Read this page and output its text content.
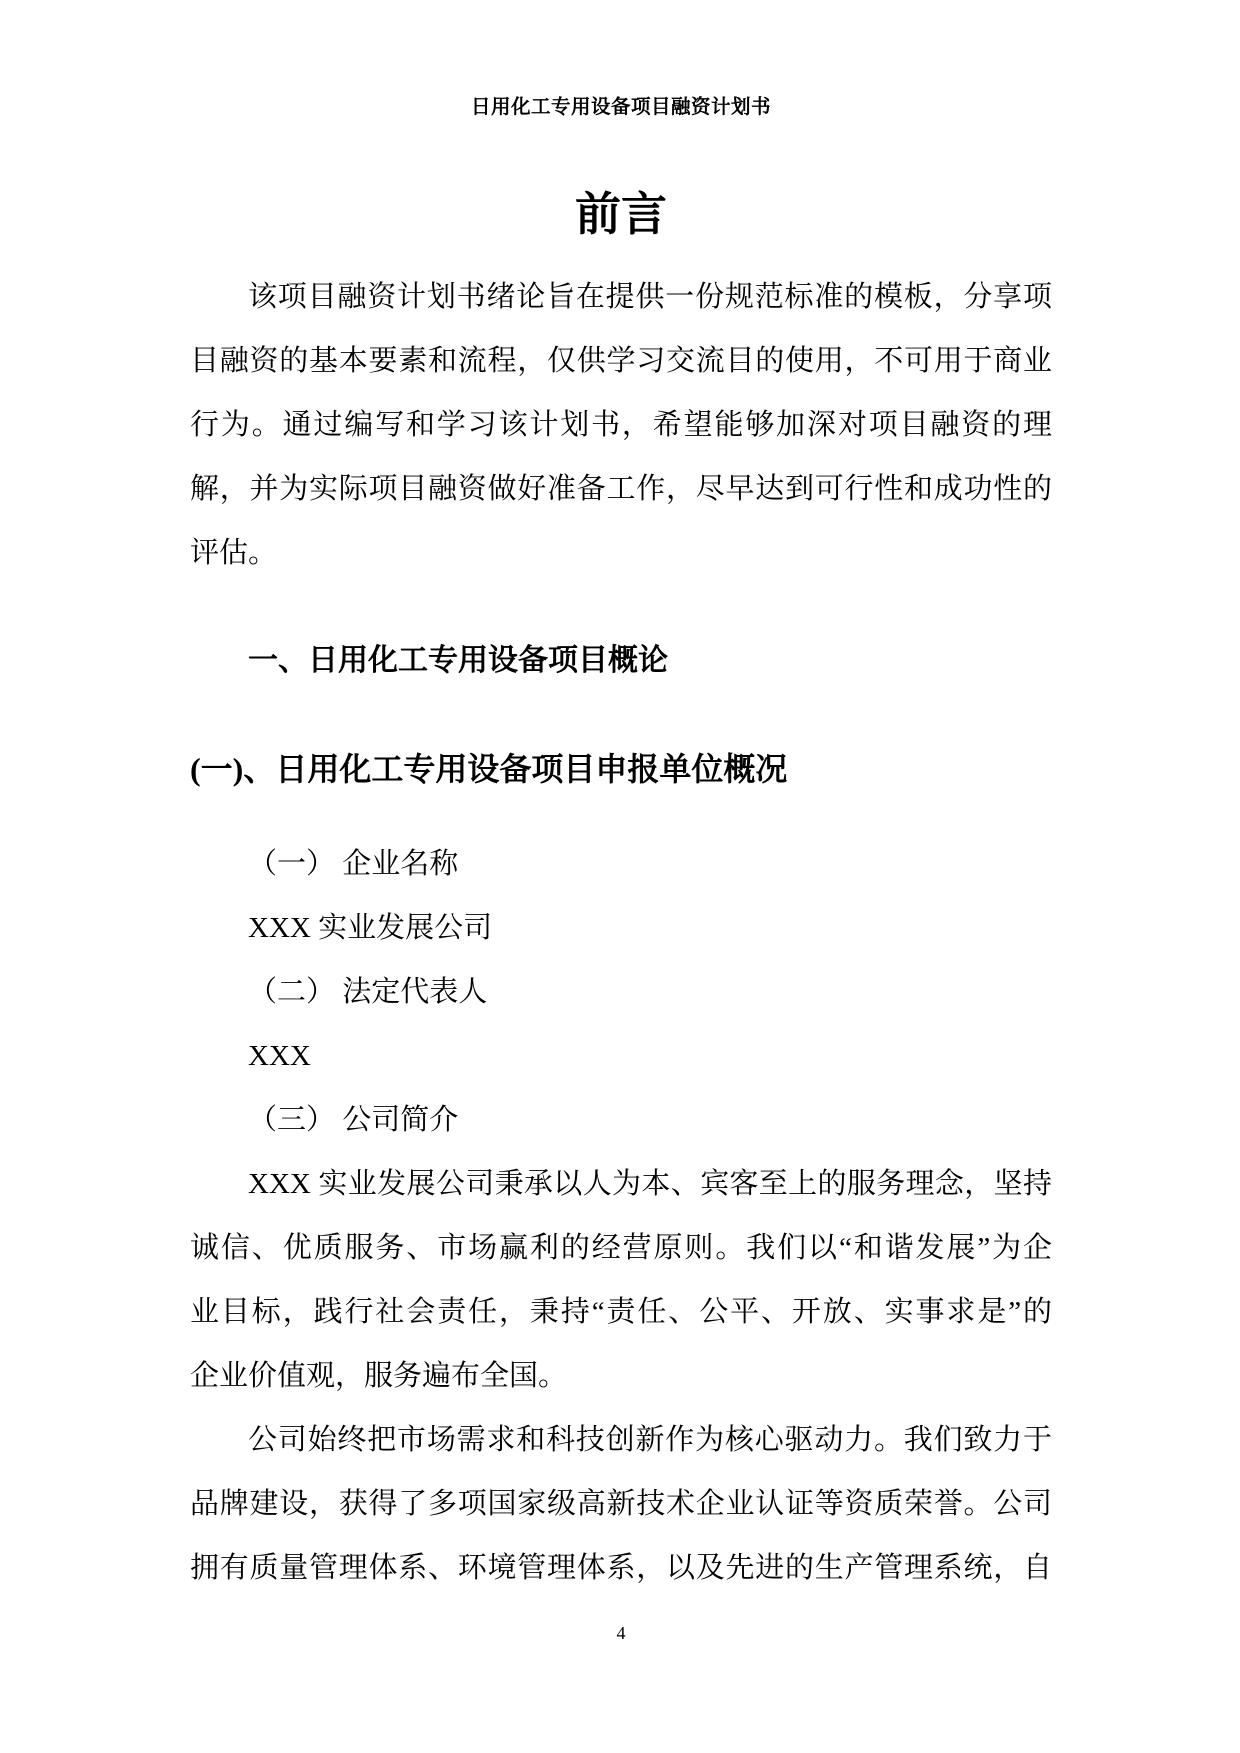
日用化工专用设备项目融资计划书
前言
该项目融资计划书绪论旨在提供一份规范标准的模板，分享项
目融资的基本要素和流程，仅供学习交流目的使用，不可用于商业
行为。通过编写和学习该计划书，希望能够加深对项目融资的理
解，并为实际项目融资做好准备工作，尽早达到可行性和成功性的
评估。
一、日用化工专用设备项目概论
(一)、日用化工专用设备项目申报单位概况
（一） 企业名称
XXX 实业发展公司
（二） 法定代表人
XXX
（三） 公司简介
XXX 实业发展公司秉承以人为本、宾客至上的服务理念，坚持
诚信、优质服务、市场赢利的经营原则。我们以“和谐发展”为企
业目标，践行社会责任，秉持“责任、公平、开放、实事求是”的
企业价值观，服务遍布全国。
公司始终把市场需求和科技创新作为核心驱动力。我们致力于
品牌建设，获得了多项国家级高新技术企业认证等资质荣誉。公司
拥有质量管理体系、环境管理体系，以及先进的生产管理系统，自
4
